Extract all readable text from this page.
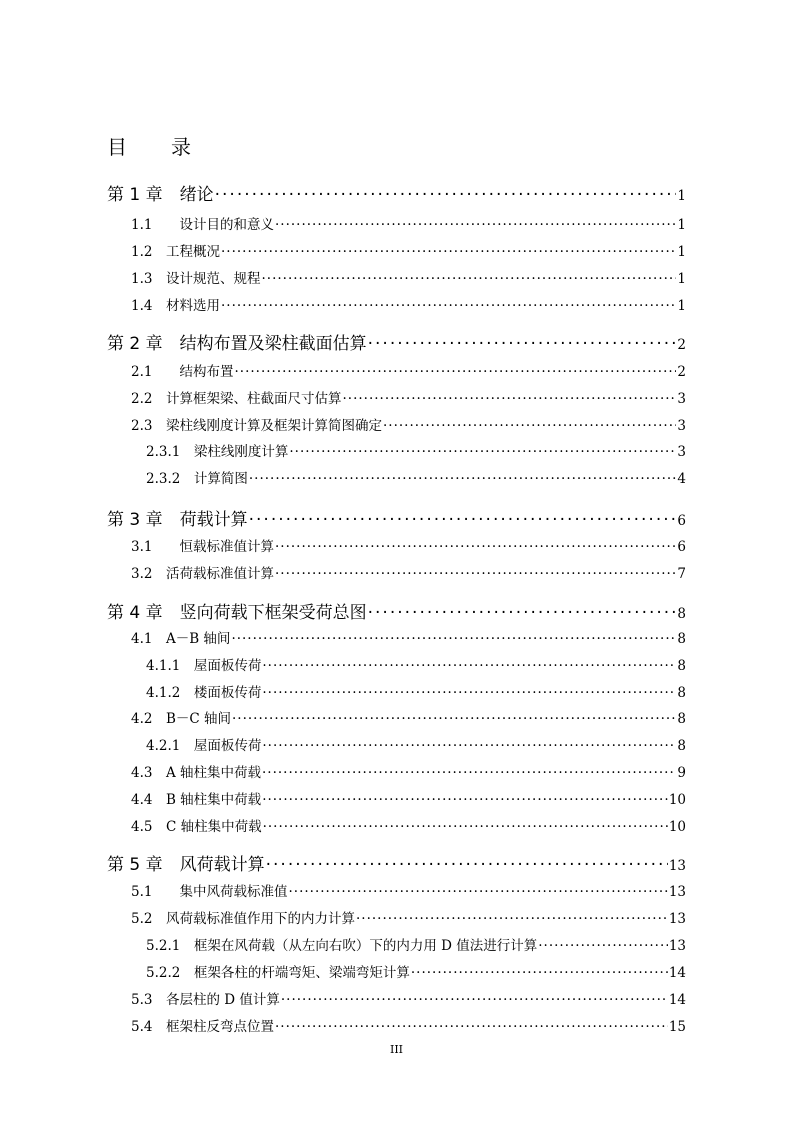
目　录
第 1 章　绪论 ·····	1
1.1　　设计目的和意义 ·····	1
1.2　工程概况 ·····	1
1.3　设计规范、规程 ·····	1
1.4　材料选用 ·····	1
第 2 章　结构布置及梁柱截面估算 ·····	2
2.1　　结构布置 ·····	2
2.2　计算框架梁、柱截面尺寸估算 ·····	3
2.3　梁柱线刚度计算及框架计算简图确定 ·····	3
2.3.1　梁柱线刚度计算 ·····	3
2.3.2　计算简图 ·····	4
第 3 章　荷载计算 ·····	6
3.1　　恒载标准值计算 ·····	6
3.2　活荷载标准值计算 ·····	7
第 4 章　竖向荷载下框架受荷总图 ·····	8
4.1　A－B 轴间 ·····	8
4.1.1　屋面板传荷 ·····	8
4.1.2　楼面板传荷 ·····	8
4.2　B－C 轴间 ·····	8
4.2.1　屋面板传荷 ·····	8
4.3　A 轴柱集中荷载 ·····	9
4.4　B 轴柱集中荷载 ·····	10
4.5　C 轴柱集中荷载 ·····	10
第 5 章　风荷载计算 ·····	13
5.1　　集中风荷载标准值 ·····	13
5.2　风荷载标准值作用下的内力计算 ·····	13
5.2.1　框架在风荷载（从左向右吹）下的内力用 D 值法进行计算 ·····	13
5.2.2　框架各柱的杆端弯矩、梁端弯矩计算 ·····	14
5.3　各层柱的 D 值计算 ·····	14
5.4　框架柱反弯点位置 ·····	15
III
